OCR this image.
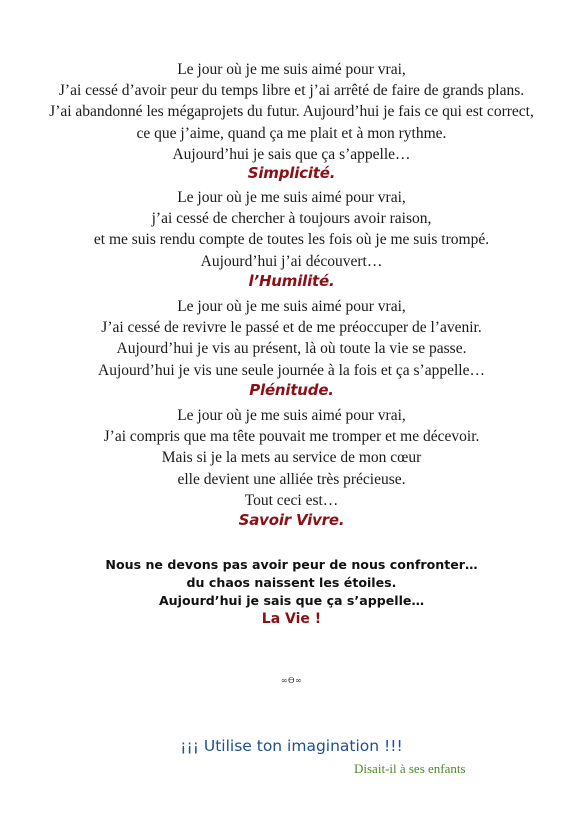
Le jour où je me suis aimé pour vrai,
J’ai cessé d’avoir peur du temps libre et j’ai arrêté de faire de grands plans.
J’ai abandonné les mégaprojets du futur. Aujourd’hui je fais ce qui est correct,
ce que j’aime, quand ça me plait et à mon rythme.
Aujourd’hui je sais que ça s’appelle…
Simplicité.
Le jour où je me suis aimé pour vrai,
j’ai cessé de chercher à toujours avoir raison,
et me suis rendu compte de toutes les fois où je me suis trompé.
Aujourd’hui j’ai découvert…
l’Humilité.
Le jour où je me suis aimé pour vrai,
J’ai cessé de revivre le passé et de me préoccuper de l’avenir.
Aujourd’hui je vis au présent, là où toute la vie se passe.
Aujourd’hui je vis une seule journée à la fois et ça s’appelle…
Plénitude.
Le jour où je me suis aimé pour vrai,
J’ai compris que ma tête pouvait me tromper et me décevoir.
Mais si je la mets au service de mon cœur
elle devient une alliée très précieuse.
Tout ceci est…
Savoir Vivre.
Nous ne devons pas avoir peur de nous confronter…
du chaos naissent les étoiles.
Aujourd’hui je sais que ça s’appelle…
La Vie !
∞ϴ∞
¡¡¡ Utilise ton imagination !!!
Disait-il à ses enfants
